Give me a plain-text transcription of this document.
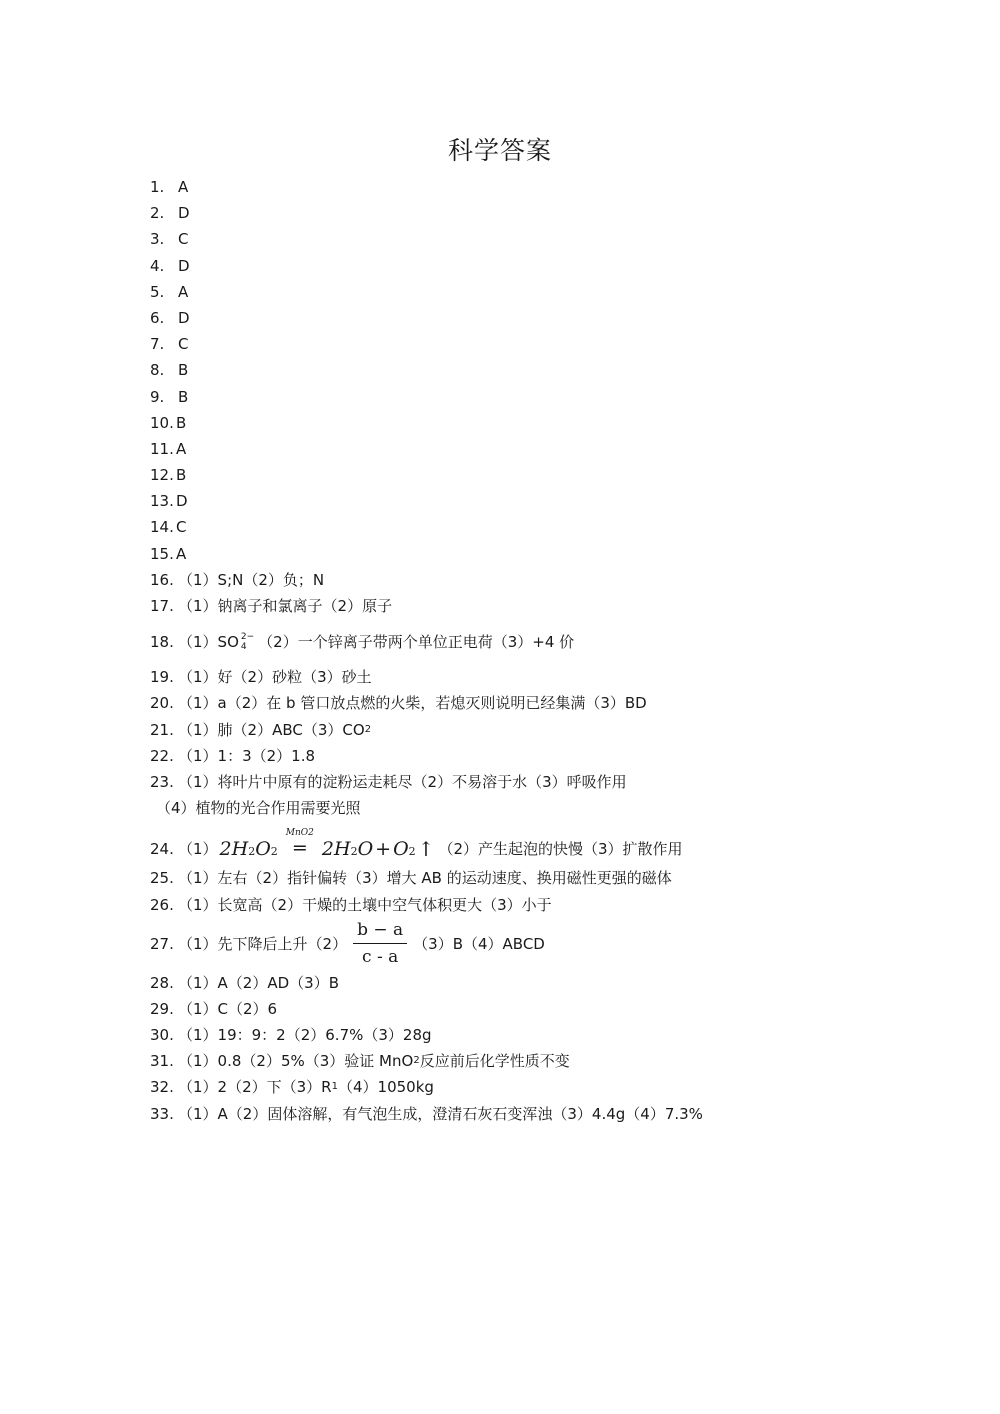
科学答案
1. A
2. D
3. C
4. D
5. A
6. D
7. C
8. B
9. B
10. B
11. A
12. B
13. D
14. C
15. A
16. （1）S;N（2）负；N
17. （1）钠离子和氯离子（2）原子
18. （1）SO 2−
4 （2）一个锌离子带两个单位正电荷（3）+4 价
19. （1）好（2）砂粒（3）砂土
20. （1）a（2）在 b 管口放点燃的火柴，若熄灭则说明已经集满（3）BD
21. （1）肺（2）ABC（3）CO 2
22. （1）1：3（2）1.8
23. （1）将叶片中原有的淀粉运走耗尽（2）不易溶于水（3）呼吸作用
（4）植物的光合作用需要光照
24. （1） 2 H 2 O 2
MnO2
= 2 H 2 O + O 2 ↑ （2）产生起泡的快慢（3）扩散作用
25. （1）左右（2）指针偏转（3）增大 AB 的运动速度、换用磁性更强的磁体
26. （1）长宽高（2）干燥的土壤中空气体积更大（3）小于
27. （1）先下降后上升$(2) \frac{b - a}{c - a}$ （3）B（4）ABCD
28. （1）A（2）AD（3）B
29. （1）C（2）6
30. （1）19：9：2（2）6.7%（3）28g
31. （1）0.8（2）5%（3）验证 MnO 2 反应前后化学性质不变
32. （1）2（2）下（3）R 1 （4）1050kg
33. （1）A（2）固体溶解，有气泡生成，澄清石灰石变浑浊（3）4.4g（4）7.3%
